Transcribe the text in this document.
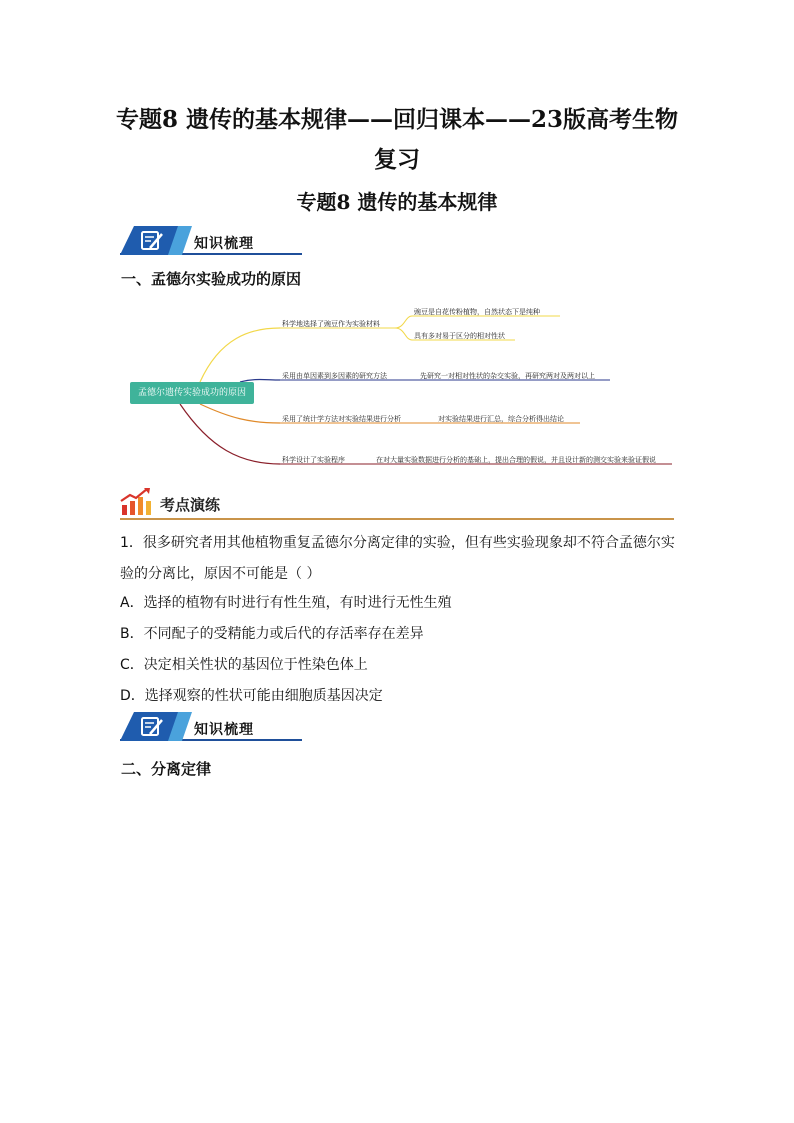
专题8 遗传的基本规律——回归课本——23版高考生物复习
专题8 遗传的基本规律
知识梳理
一、孟德尔实验成功的原因
孟德尔遗传实验成功的原因
科学地选择了豌豆作为实验材料
豌豆是自花传粉植物，自然状态下是纯种
具有多对易于区分的相对性状
采用由单因素到多因素的研究方法	先研究一对相对性状的杂交实验，再研究两对及两对以上
采用了统计学方法对实验结果进行分析	对实验结果进行汇总，综合分析得出结论
科学设计了实验程序	在对大量实验数据进行分析的基础上，提出合理的假说，并且设计新的测交实验来验证假说
考点演练
1．很多研究者用其他植物重复孟德尔分离定律的实验，但有些实验现象却不符合孟德尔实验的分离比，原因不可能是（ ）
A．选择的植物有时进行有性生殖，有时进行无性生殖
B．不同配子的受精能力或后代的存活率存在差异
C．决定相关性状的基因位于性染色体上
D．选择观察的性状可能由细胞质基因决定
知识梳理
二、分离定律
